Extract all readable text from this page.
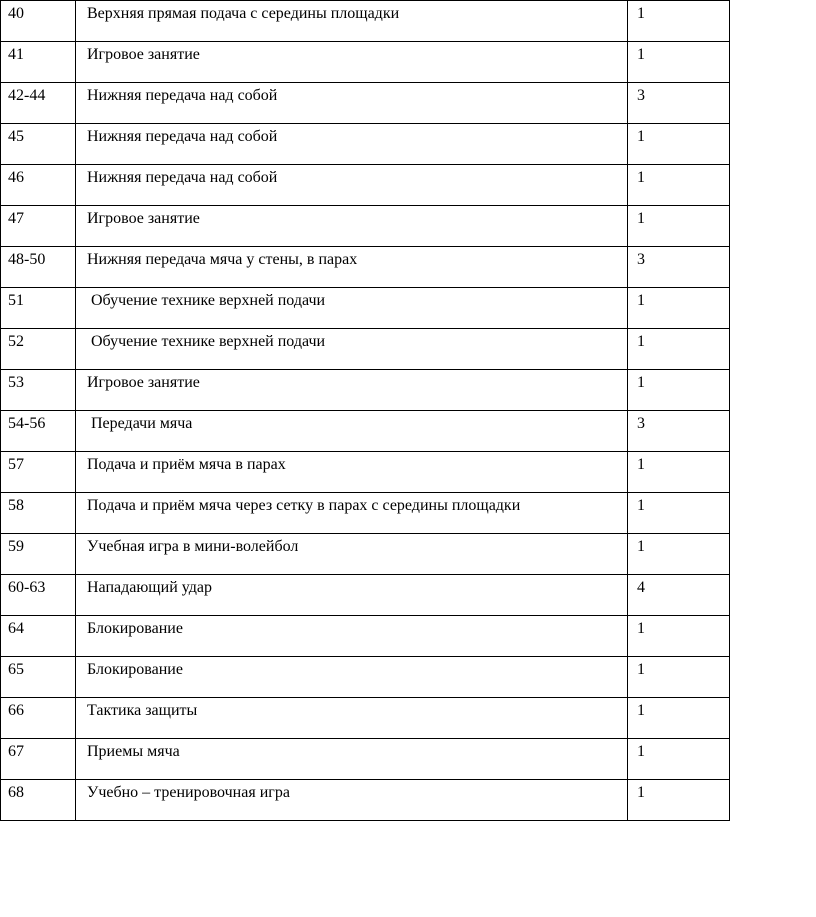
40	Верхняя прямая подача с середины площадки	1

41	Игровое занятие	1

42-44	Нижняя передача над собой	3

45	Нижняя передача над собой	1

46	Нижняя передача над собой	1

47	Игровое занятие	1

48-50	Нижняя передача мяча у стены, в парах	3

51	Обучение технике верхней подачи	1

52	Обучение технике верхней подачи	1

53	Игровое занятие	1

54-56	Передачи мяча	3

57	Подача и приём мяча в парах	1

58	Подача и приём мяча через сетку в парах с середины площадки	1

59	Учебная игра в мини-волейбол	1

60-63	Нападающий удар	4

64	Блокирование	1

65	Блокирование	1

66	Тактика защиты	1

67	Приемы мяча	1

68	Учебно – тренировочная игра	1
